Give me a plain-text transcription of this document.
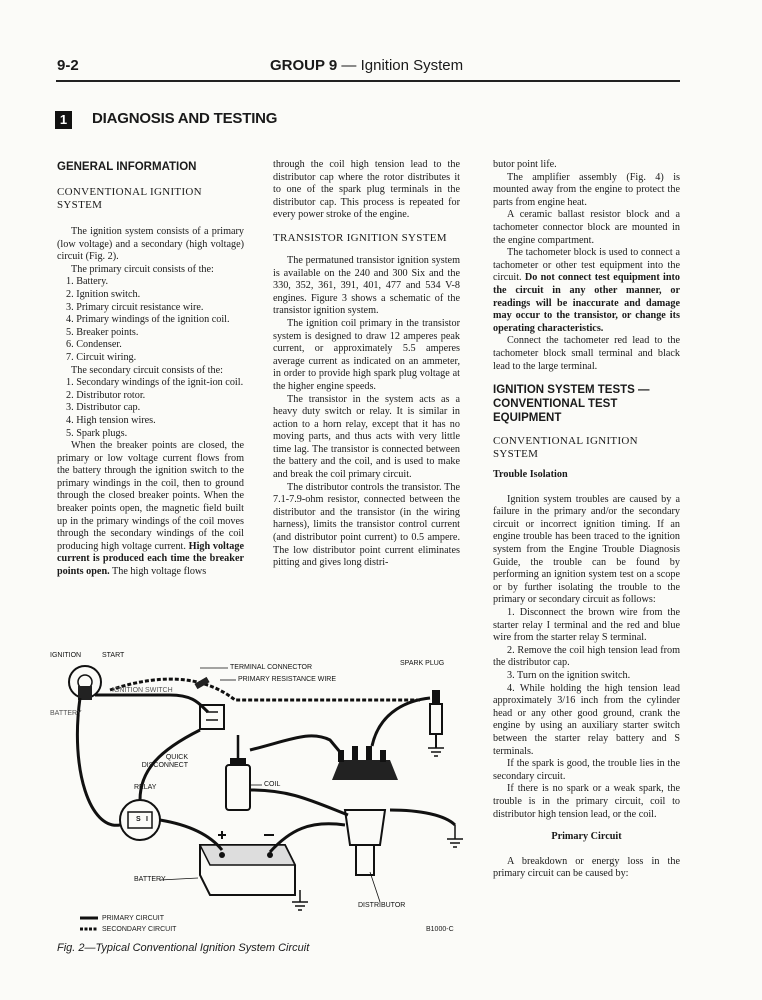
9-2	GROUP 9 — Ignition System
1	DIAGNOSIS AND TESTING
GENERAL INFORMATION
CONVENTIONAL IGNITION SYSTEM

The ignition system consists of a primary (low voltage) and a secondary (high voltage) circuit (Fig. 2).

The primary circuit consists of the:

1. Battery.

2. Ignition switch.

3. Primary circuit resistance wire.

4. Primary windings of the ignition coil.

5. Breaker points.

6. Condenser.

7. Circuit wiring.

The secondary circuit consists of the:

1. Secondary windings of the ignit-ion coil.

2. Distributor rotor.

3. Distributor cap.

4. High tension wires.

5. Spark plugs.

When the breaker points are closed, the primary or low voltage current flows from the battery through the ignition switch to the primary windings in the coil, then to ground through the closed breaker points. When the breaker points open, the magnetic field built up in the primary windings of the coil moves through the secondary windings of the coil producing high voltage current. High voltage current is produced each time the breaker points open. The high voltage flows

through the coil high tension lead to the distributor cap where the rotor distributes it to one of the spark plug terminals in the distributor cap. This process is repeated for every power stroke of the engine.

TRANSISTOR IGNITION SYSTEM

The permatuned transistor ignition system is available on the 240 and 300 Six and the 330, 352, 361, 391, 401, 477 and 534 V-8 engines. Figure 3 shows a schematic of the transistor ignition system.

The ignition coil primary in the transistor system is designed to draw 12 amperes peak current, or approximately 5.5 amperes average current as indicated on an ammeter, in order to provide high spark plug voltage at the higher engine speeds.

The transistor in the system acts as a heavy duty switch or relay. It is similar in action to a horn relay, except that it has no moving parts, and thus acts with very little time lag. The transistor is connected between the battery and the coil, and is used to make and break the coil primary circuit.

The distributor controls the transistor. The 7.1-7.9-ohm resistor, connected between the distributor and the transistor (in the wiring harness), limits the transistor control current (and distributor point current) to 0.5 ampere. The low distributor point current eliminates pitting and gives long distri-

butor point life.

The amplifier assembly (Fig. 4) is mounted away from the engine to protect the parts from engine heat.

A ceramic ballast resistor block and a tachometer connector block are mounted in the engine compartment.

The tachometer block is used to connect a tachometer or other test equipment into the circuit. Do not connect test equipment into the circuit in any other manner, or readings will be inaccurate and damage may occur to the transistor, or change its operating characteristics.

Connect the tachometer red lead to the tachometer block small terminal and black lead to the large terminal.

IGNITION SYSTEM TESTS — CONVENTIONAL TEST EQUIPMENT
CONVENTIONAL IGNITION SYSTEM
Trouble Isolation

Ignition system troubles are caused by a failure in the primary and/or the secondary circuit or incorrect ignition timing. If an engine trouble has been traced to the ignition system from the Engine Trouble Diagnosis Guide, the trouble can be found by performing an ignition system test on a scope or by further isolating the trouble to the primary or secondary circuit as follows:

1. Disconnect the brown wire from the starter relay I terminal and the red and blue wire from the starter relay S terminal.

2. Remove the coil high tension lead from the distributor cap.

3. Turn on the ignition switch.

4. While holding the high tension lead approximately 3/16 inch from the cylinder head or any other good ground, crank the engine by using an auxiliary starter switch between the starter relay battery and S terminals.

If the spark is good, the trouble lies in the secondary circuit.

If there is no spark or a weak spark, the trouble is in the primary circuit, coil to distributor high tension lead, or the coil.

Primary Circuit

A breakdown or energy loss in the primary circuit can be caused by:

IGNITION	START
IGNITION SWITCH
BATTERY
TERMINAL CONNECTOR
PRIMARY RESISTANCE WIRE
SPARK PLUG
QUICK DISCONNECT
COIL
RELAY
S I
BATTERY
DISTRIBUTOR
PRIMARY CIRCUIT
SECONDARY CIRCUIT	B1000-C
Fig. 2—Typical Conventional Ignition System Circuit
